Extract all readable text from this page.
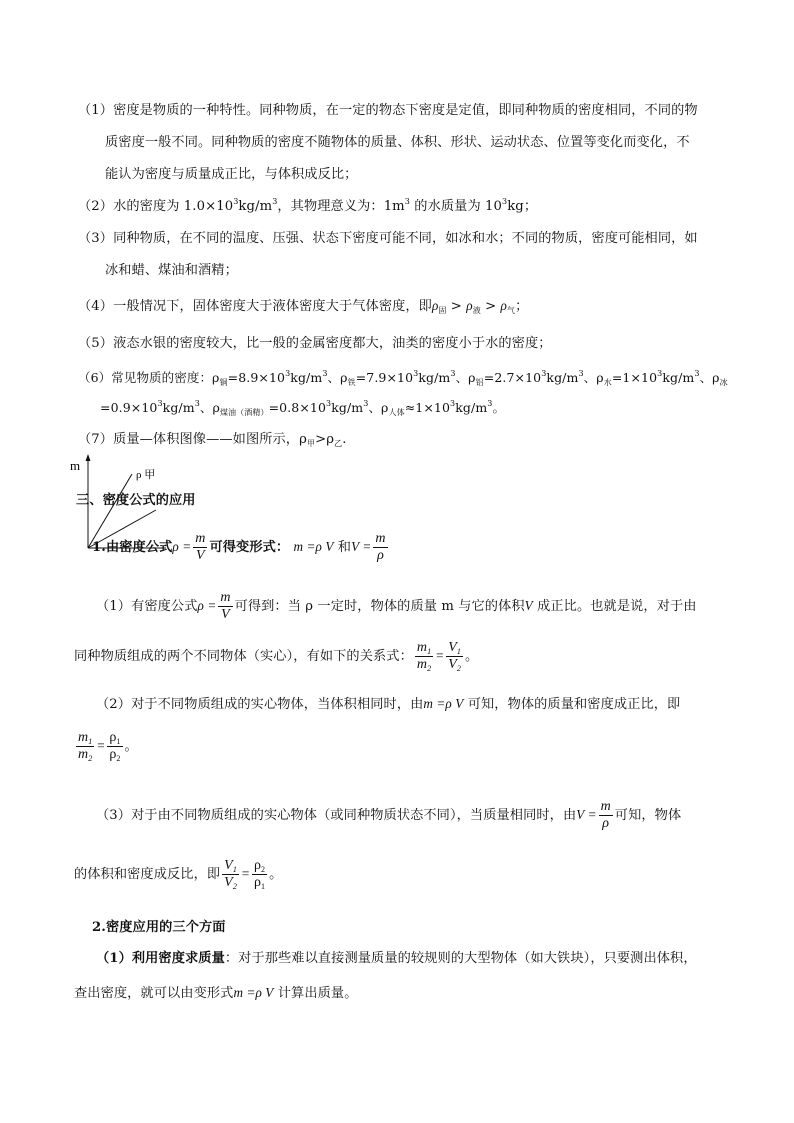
（1）密度是物质的一种特性。同种物质，在一定的物态下密度是定值，即同种物质的密度相同，不同的物
质密度一般不同。同种物质的密度不随物体的质量、体积、形状、运动状态、位置等变化而变化，不
能认为密度与质量成正比，与体积成反比；
（2）水的密度为 $1.0\times 10^3kg/m^3$，其物理意义为：$1m^3$ 的水质量为 $10^3kg$；
（3）同种物质，在不同的温度、压强、状态下密度可能不同，如冰和水；不同的物质，密度可能相同，如
冰和蜡、煤油和酒精；
（4）一般情况下，固体密度大于液体密度大于气体密度，即$\rho_固 > \rho_液 > \rho_气$；
（5）液态水银的密度较大，比一般的金属密度都大，油类的密度小于水的密度；
（6）常见物质的密度：$\rho_铜=8.9\times 10^3kg/m^3$、$\rho_铁=7.9\times 10^3kg/m^3$、$\rho_铝=2.7\times 10^3kg/m^3$、$\rho_水=1\times 10^3kg/m^3$、$\rho_冰$
$=0.9\times 10^3kg/m^3$、$\rho_{煤油(酒精)}=0.8\times 10^3kg/m^3$、$\rho_{人体}\approx 1\times 10^3kg/m^3$。
（7）质量—体积图像——如图所示，$\rho_甲>\rho_乙$.
m
ρ 甲
三、密度公式的应用
1.由密度公式$\rho = \frac{m}{V}$ 可得变形式： m =ρ V 和$V = \frac{m}{\rho}$
（1）有密度公式$\rho = \frac{m}{V}$ 可得到：当 ρ 一定时，物体的质量 m 与它的体积V 成正比。也就是说，对于由
同种物质组成的两个不同物体（实心），有如下的关系式： $\frac{m_1}{m_2} = \frac{V_1}{V_2}$ 。
（2）对于不同物质组成的实心物体，当体积相同时，由m =ρ V 可知，物体的质量和密度成正比，即
$\frac{m_1}{m_2} = \frac{\rho_1}{\rho_2}$ 。
（3）对于由不同物质组成的实心物体（或同种物质状态不同），当质量相同时，由$V = \frac{m}{\rho}$ 可知，物体
的体积和密度成反比，即 $\frac{V_1}{V_2} = \frac{\rho_2}{\rho_1}$ 。
2.密度应用的三个方面
（1）利用密度求质量：对于那些难以直接测量质量的较规则的大型物体（如大铁块），只要测出体积，
查出密度，就可以由变形式m =ρ V 计算出质量。
